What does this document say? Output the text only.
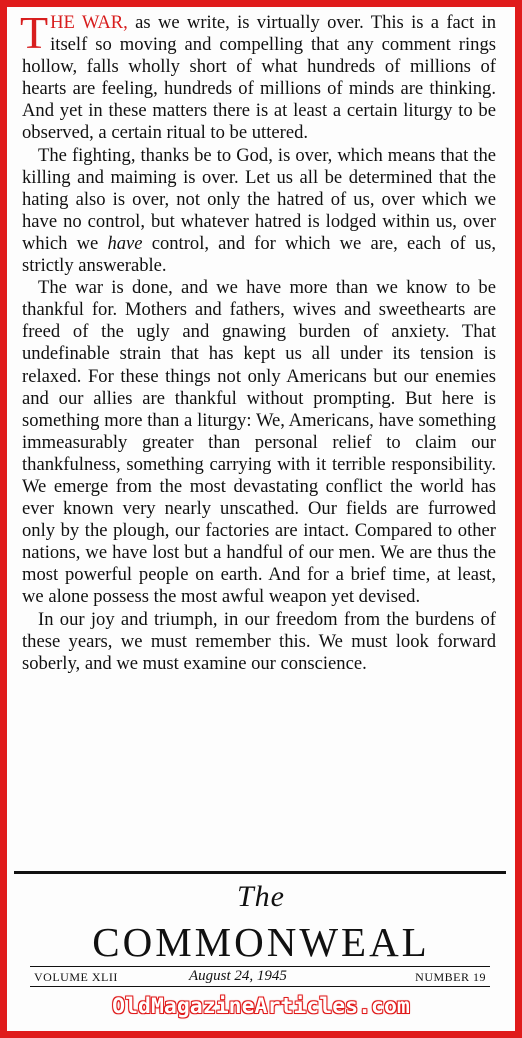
THE WAR, as we write, is virtually over. This is a fact in itself so moving and compelling that any comment rings hollow, falls wholly short of what hundreds of millions of hearts are feeling, hundreds of millions of minds are thinking. And yet in these matters there is at least a certain liturgy to be observed, a certain ritual to be uttered.

The fighting, thanks be to God, is over, which means that the killing and maiming is over. Let us all be determined that the hating also is over, not only the hatred of us, over which we have no control, but whatever hatred is lodged within us, over which we have control, and for which we are, each of us, strictly answerable.

The war is done, and we have more than we know to be thankful for. Mothers and fathers, wives and sweethearts are freed of the ugly and gnawing burden of anxiety. That undefinable strain that has kept us all under its tension is relaxed. For these things not only Americans but our enemies and our allies are thankful without prompting. But here is something more than a liturgy: We, Americans, have something immeasurably greater than personal relief to claim our thankfulness, something carrying with it terrible responsibility. We emerge from the most devastating conflict the world has ever known very nearly unscathed. Our fields are furrowed only by the plough, our factories are intact. Compared to other nations, we have lost but a handful of our men. We are thus the most powerful people on earth. And for a brief time, at least, we alone possess the most awful weapon yet devised.

In our joy and triumph, in our freedom from the burdens of these years, we must remember this. We must look forward soberly, and we must examine our conscience.

The
COMMONWEAL
VOLUME XLII	August 24, 1945	NUMBER 19
OldMagazineArticles.com
